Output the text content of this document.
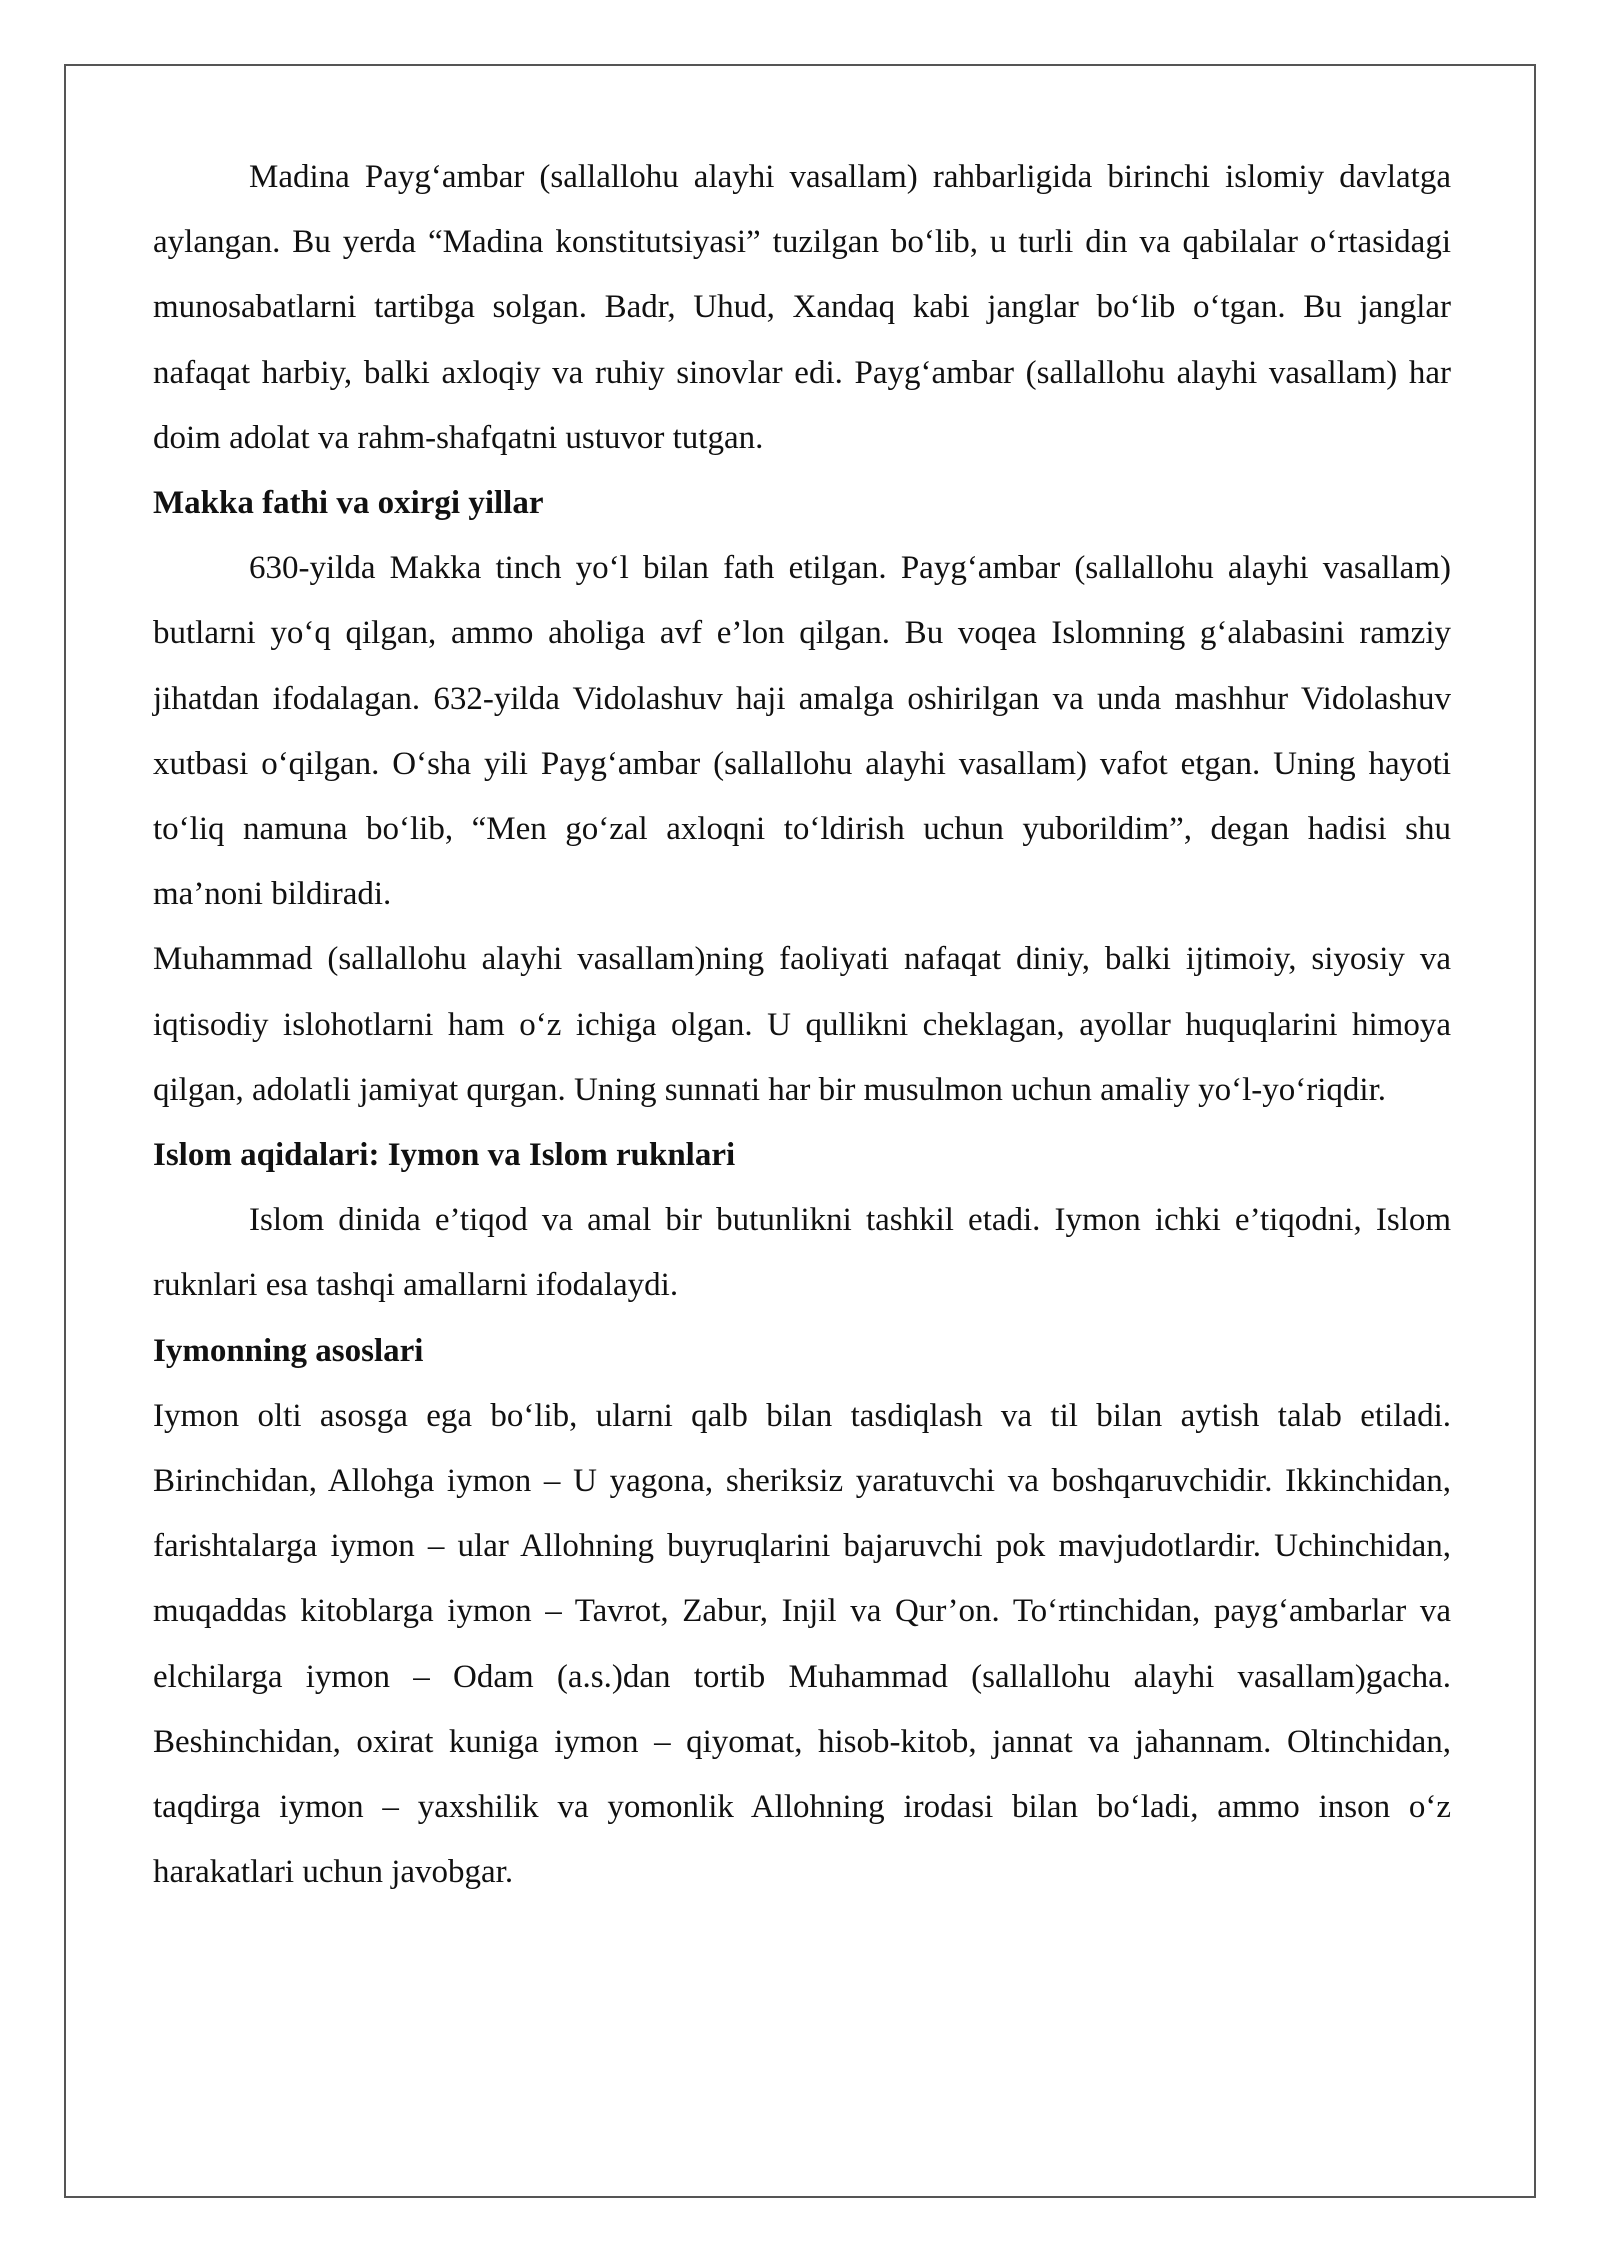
Madina Payg‘ambar (sallallohu alayhi vasallam) rahbarligida birinchi islomiy davlatga aylangan. Bu yerda “Madina konstitutsiyasi” tuzilgan bo‘lib, u turli din va qabilalar o‘rtasidagi munosabatlarni tartibga solgan. Badr, Uhud, Xandaq kabi janglar bo‘lib o‘tgan. Bu janglar nafaqat harbiy, balki axloqiy va ruhiy sinovlar edi. Payg‘ambar (sallallohu alayhi vasallam) har doim adolat va rahm-shafqatni ustuvor tutgan.

Makka fathi va oxirgi yillar

630-yilda Makka tinch yo‘l bilan fath etilgan. Payg‘ambar (sallallohu alayhi vasallam) butlarni yo‘q qilgan, ammo aholiga avf e’lon qilgan. Bu voqea Islomning g‘alabasini ramziy jihatdan ifodalagan. 632-yilda Vidolashuv haji amalga oshirilgan va unda mashhur Vidolashuv xutbasi o‘qilgan. O‘sha yili Payg‘ambar (sallallohu alayhi vasallam) vafot etgan. Uning hayoti to‘liq namuna bo‘lib, “Men go‘zal axloqni to‘ldirish uchun yuborildim”, degan hadisi shu ma’noni bildiradi.

Muhammad (sallallohu alayhi vasallam)ning faoliyati nafaqat diniy, balki ijtimoiy, siyosiy va iqtisodiy islohotlarni ham o‘z ichiga olgan. U qullikni cheklagan, ayollar huquqlarini himoya qilgan, adolatli jamiyat qurgan. Uning sunnati har bir musulmon uchun amaliy yo‘l-yo‘riqdir.

Islom aqidalari: Iymon va Islom ruknlari

Islom dinida e’tiqod va amal bir butunlikni tashkil etadi. Iymon ichki e’tiqodni, Islom ruknlari esa tashqi amallarni ifodalaydi.

Iymonning asoslari

Iymon olti asosga ega bo‘lib, ularni qalb bilan tasdiqlash va til bilan aytish talab etiladi. Birinchidan, Allohga iymon – U yagona, sheriksiz yaratuvchi va boshqaruvchidir. Ikkinchidan, farishtalarga iymon – ular Allohning buyruqlarini bajaruvchi pok mavjudotlardir. Uchinchidan, muqaddas kitoblarga iymon – Tavrot, Zabur, Injil va Qur’on. To‘rtinchidan, payg‘ambarlar va elchilarga iymon – Odam (a.s.)dan tortib Muhammad (sallallohu alayhi vasallam)gacha. Beshinchidan, oxirat kuniga iymon – qiyomat, hisob-kitob, jannat va jahannam. Oltinchidan, taqdirga iymon – yaxshilik va yomonlik Allohning irodasi bilan bo‘ladi, ammo inson o‘z harakatlari uchun javobgar.
